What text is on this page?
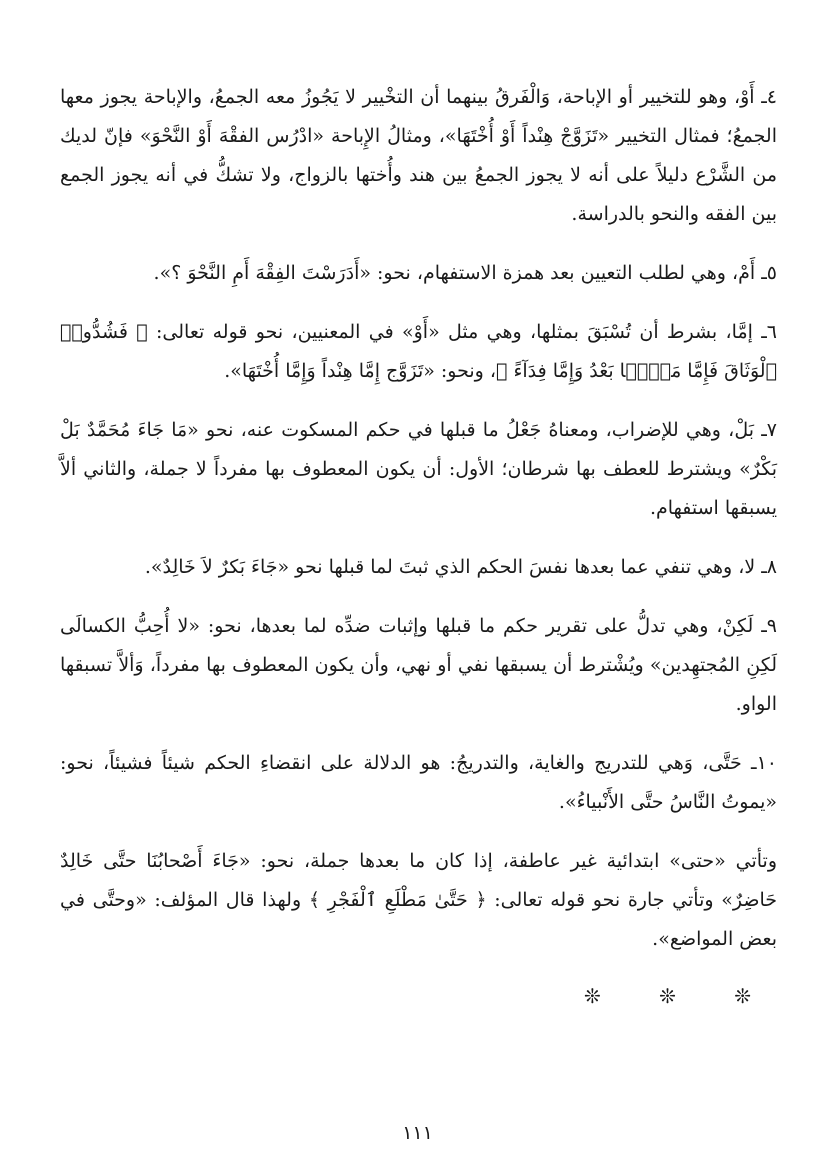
٤ـ أَوْ، وهو للتخيير أو الإباحة، وَالْفَرقُ بينهما أن التخْيير لا يَجُوزُ معه الجمعُ، والإباحة يجوز معها الجمعُ؛ فمثال التخيير «تَزَوَّجْ هِنْداً أَوْ أُخْتَهَا»، ومثالُ الإِباحة «ادْرُس الفقْهَ أَوْ النَّحْوَ» فإنّ لديك من الشَّرْع دليلاً على أنه لا يجوز الجمعُ بين هند وأُختها بالزواج، ولا تشكُّ في أنه يجوز الجمع بين الفقه والنحو بالدراسة.

٥ـ أَمْ، وهي لطلب التعيين بعد همزة الاستفهام، نحو: «أَدَرَسْتَ الفِقْهَ أَمِ النَّحْوَ ؟».

٦ـ إمَّا، بشرط أن تُسْبَقَ بمثلها، وهي مثل «أَوْ» في المعنيين، نحو قوله تعالى: ﴿ فَشُدُّوا۟ ٱلْوَثَاقَ فَإِمَّا مَنًّۢا بَعْدُ وَإِمَّا فِدَآءً ﴾، ونحو: «تَزَوَّج إِمَّا هِنْداً وَإِمَّا أُخْتَهَا».

٧ـ بَلْ، وهي للإضراب، ومعناهُ جَعْلُ ما قبلها في حكم المسكوت عنه، نحو «مَا جَاءَ مُحَمَّدٌ بَلْ بَكْرٌ» ويشترط للعطف بها شرطان؛ الأول: أن يكون المعطوف بها مفرداً لا جملة، والثاني ألاَّ يسبقها استفهام.

٨ـ لا، وهي تنفي عما بعدها نفسَ الحكم الذي ثبتَ لما قبلها نحو «جَاءَ بَكرٌ لاَ خَالِدٌ».

٩ـ لَكِنْ، وهي تدلُّ على تقرير حكم ما قبلها وإثبات ضدِّه لما بعدها، نحو: «لا أُحِبُّ الكسالَى لَكِنِ المُجتهِدين» ويُشْترط أن يسبقها نفي أو نهي، وأن يكون المعطوف بها مفرداً، وَألاَّ تسبقها الواو.

١٠ـ حَتَّى، وَهي للتدريج والغاية، والتدريجُ: هو الدلالة على انقضاءِ الحكم شيئاً فشيئاً، نحو: «يموتُ النَّاسُ حتَّى الأَنْبياءُ».

وتأتي «حتى» ابتدائية غير عاطفة، إذا كان ما بعدها جملة، نحو: «جَاءَ أَصْحابُنَا حتَّى خَالِدٌ حَاضِرٌ» وتأتي جارة نحو قوله تعالى: ﴿ حَتَّىٰ مَطْلَعِ ٱلْفَجْرِ ﴾ ولهذا قال المؤلف: «وحتَّى في بعض المواضع».

❊ ❊ ❊
١١١
